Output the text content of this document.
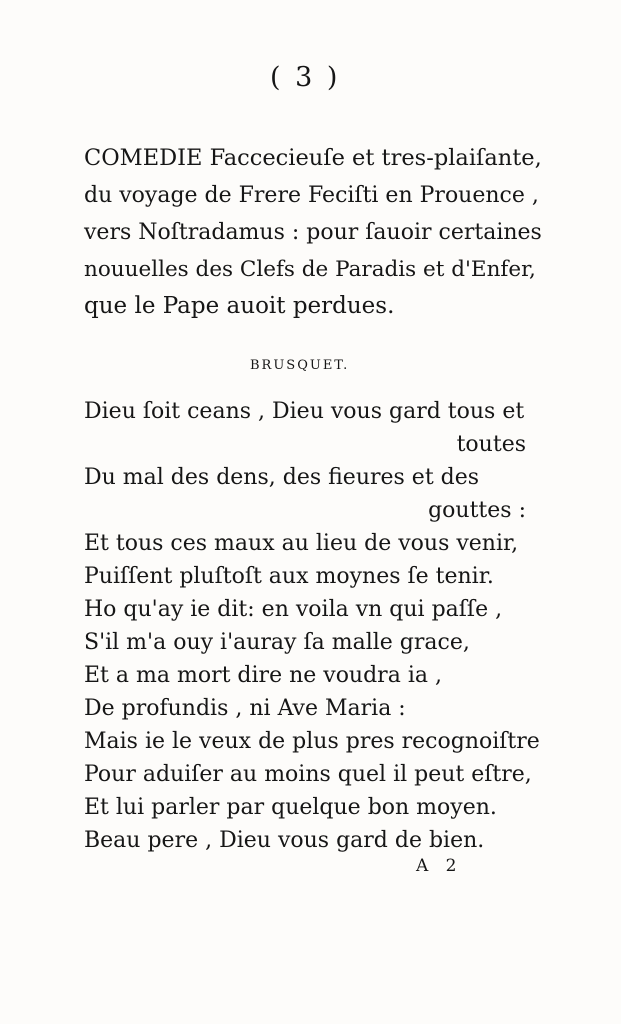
( 3 )
COMEDIE Faccecieuſe et tres-plaiſante,
du voyage de Frere Feciſti en Prouence ,
vers Noſtradamus : pour ſauoir certaines
nouuelles des Clefs de Paradis et d'Enfer,
que le Pape auoit perdues.
BRUSQUET.
Dieu ſoit ceans , Dieu vous gard tous et
toutes
Du mal des dens, des fieures et des
gouttes :
Et tous ces maux au lieu de vous venir,
Puiſſent pluſtoſt aux moynes ſe tenir.
Ho qu'ay ie dit: en voila vn qui paſſe ,
S'il m'a ouy i'auray ſa malle grace,
Et a ma mort dire ne voudra ia ,
De profundis , ni Ave Maria :
Mais ie le veux de plus pres recognoiſtre
Pour aduiſer au moins quel il peut eſtre,
Et lui parler par quelque bon moyen.
Beau pere , Dieu vous gard de bien.
A 2
